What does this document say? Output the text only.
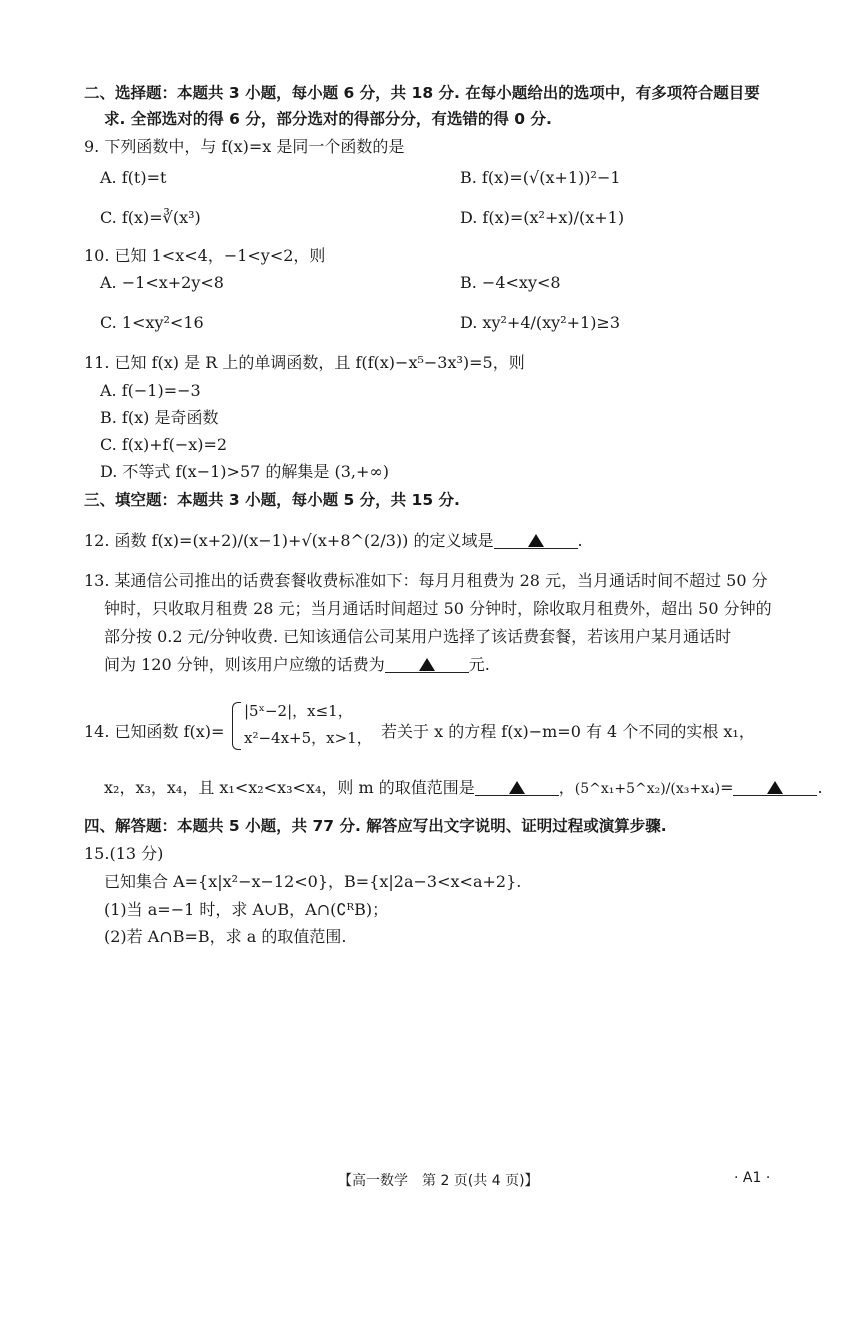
二、选择题：本题共 3 小题，每小题 6 分，共 18 分. 在每小题给出的选项中，有多项符合题目要
求. 全部选对的得 6 分，部分选对的得部分分，有选错的得 0 分.
9. 下列函数中，与 f(x)=x 是同一个函数的是
A. f(t)=t	B. f(x)=(√(x+1))²−1
C. f(x)=∛(x³)	D. f(x)=(x²+x)/(x+1)
10. 已知 1<x<4，−1<y<2，则
A. −1<x+2y<8	B. −4<xy<8
C. 1<xy²<16	D. xy²+4/(xy²+1)≥3
11. 已知 f(x) 是 R 上的单调函数，且 f(f(x)−x⁵−3x³)=5，则
A. f(−1)=−3
B. f(x) 是奇函数
C. f(x)+f(−x)=2
D. 不等式 f(x−1)>57 的解集是 (3,+∞)
三、填空题：本题共 3 小题，每小题 5 分，共 15 分.
12. 函数 f(x)=(x+2)/(x−1)+√(x+8^(2/3)) 的定义域是	.
13. 某通信公司推出的话费套餐收费标准如下：每月月租费为 28 元，当月通话时间不超过 50 分
钟时，只收取月租费 28 元；当月通话时间超过 50 分钟时，除收取月租费外，超出 50 分钟的
部分按 0.2 元/分钟收费. 已知该通信公司某用户选择了该话费套餐，若该用户某月通话时
间为 120 分钟，则该用户应缴的话费为	元.
14. 已知函数 f(x)=
|5ˣ−2|，x≤1，
x²−4x+5，x>1， 若关于 x 的方程 f(x)−m=0 有 4 个不同的实根 x₁，
x₂，x₃，x₄，且 x₁<x₂<x₃<x₄，则 m 的取值范围是	，(5^x₁+5^x₂)/(x₃+x₄)=	.
四、解答题：本题共 5 小题，共 77 分. 解答应写出文字说明、证明过程或演算步骤.
15.(13 分)
已知集合 A={x|x²−x−12<0}，B={x|2a−3<x<a+2}.
(1)当 a=−1 时，求 A∪B，A∩(∁ᴿB)；
(2)若 A∩B=B，求 a 的取值范围.
【高一数学　第 2 页(共 4 页)】	· A1 ·
